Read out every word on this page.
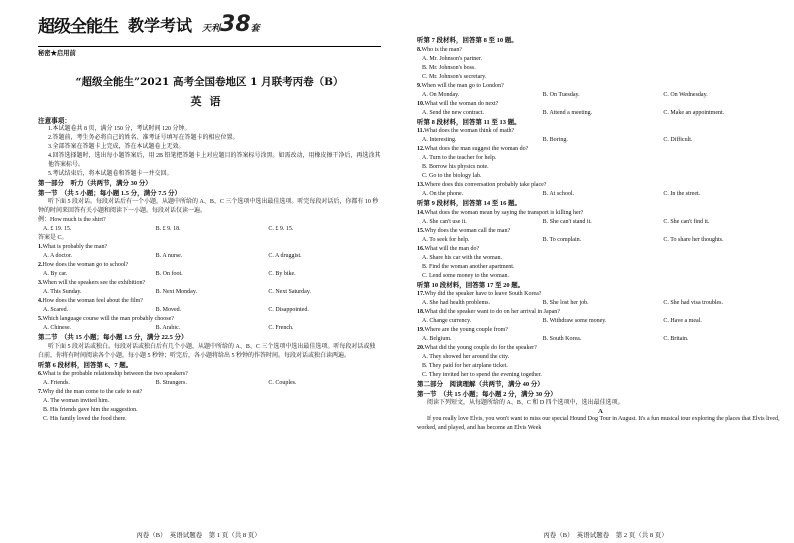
超级全能生 教学考试 天利 38 套
秘密★启用前
“超级全能生”2021 高考全国卷地区 1 月联考丙卷（B）
英语
注意事项：
1.本试题卷共 8 页，满分 150 分，考试时间 120 分钟。
2.答题前，考生务必将自己的姓名、准考证号填写在答题卡的相应位置。
3.全部答案在答题卡上完成，答在本试题卷上无效。
4.回答选择题时，选出每小题答案后，用 2B 铅笔把答题卡上对应题目的答案标号涂黑。如需改动，用橡皮擦干净后，再选涂其他答案标号。
5.考试结束后，将本试题卷和答题卡一并交回。
第一部分　听力（共两节，满分 30 分）
第一节　（共 5 小题；每小题 1.5 分，满分 7.5 分）
听下面 5 段对话。每段对话后有一个小题，从题中所给的 A、B、C 三个选项中选出最佳选项。听完每段对话后，你都有 10 秒钟的时间来回答有关小题和阅读下一小题。每段对话仅读一遍。
例：How much is the shirt?
A. £ 19. 15.	B. £ 9. 18.	C. £ 9. 15.
答案是 C。
1.What is probably the man?
A. A doctor.	B. A nurse.	C. A druggist.
2.How does the woman go to school?
A. By car.	B. On foot.	C. By bike.
3.When will the speakers see the exhibition?
A. This Sunday.	B. Next Monday.	C. Next Saturday.
4.How does the woman feel about the film?
A. Scared.	B. Moved.	C. Disappointed.
5.Which language course will the man probably choose?
A. Chinese.	B. Arabic.	C. French.
第二节　（共 15 小题；每小题 1.5 分，满分 22.5 分）
听下面 5 段对话或独白。每段对话或独白后有几个小题，从题中所给的 A、B、C 三个选项中选出最佳选项。听每段对话或独白前，你将有时间阅读各个小题，每小题 5 秒钟；听完后，各小题将给出 5 秒钟的作答时间。每段对话或独白读两遍。
听第 6 段材料，回答第 6、7 题。
6.What is the probable relationship between the two speakers?
A. Friends.	B. Strangers.	C. Couples.
7.Why did the man come to the cafe to eat?
A. The woman invited him.
B. His friends gave him the suggestion.
C. His family loved the food there.
丙卷（B）　英语试题卷　第 1 页（共 8 页）
听第 7 段材料，回答第 8 至 10 题。
8.Who is the man?
A. Mr. Johnson's partner.
B. Mr. Johnson's boss.
C. Mr. Johnson's secretary.
9.When will the man go to London?
A. On Monday.	B. On Tuesday.	C. On Wednesday.
10.What will the woman do next?
A. Send the new contract.	B. Attend a meeting.	C. Make an appointment.
听第 8 段材料，回答第 11 至 13 题。
11.What does the woman think of math?
A. Interesting.	B. Boring.	C. Difficult.
12.What does the man suggest the woman do?
A. Turn to the teacher for help.
B. Borrow his physics note.
C. Go to the biology lab.
13.Where does this conversation probably take place?
A. On the phone.	B. At school.	C. In the street.
听第 9 段材料，回答第 14 至 16 题。
14.What does the woman mean by saying the transport is killing her?
A. She can't use it.	B. She can't stand it.	C. She can't find it.
15.Why does the woman call the man?
A. To seek for help.	B. To complain.	C. To share her thoughts.
16.What will the man do?
A. Share his car with the woman.
B. Find the woman another apartment.
C. Lend some money to the woman.
听第 10 段材料，回答第 17 至 20 题。
17.Why did the speaker have to leave South Korea?
A. She had health problems.	B. She lost her job.	C. She had visa troubles.
18.What did the speaker want to do on her arrival in Japan?
A. Change currency.	B. Withdraw some money.	C. Have a meal.
19.Where are the young couple from?
A. Belgium.	B. South Korea.	C. Britain.
20.What did the young couple do for the speaker?
A. They showed her around the city.
B. They paid for her airplane ticket.
C. They invited her to spend the evening together.
第二部分　阅读理解（共两节，满分 40 分）
第一节　（共 15 小题；每小题 2 分，满分 30 分）
阅读下列短文，从每题所给的 A、B、C 和 D 四个选项中，选出最佳选项。
A
If you really love Elvis, you won't want to miss our special Hound Dog Tour in August. It's a fun musical tour exploring the places that Elvis lived, worked, and played, and has become an Elvis Week
丙卷（B）　英语试题卷　第 2 页（共 8 页）
